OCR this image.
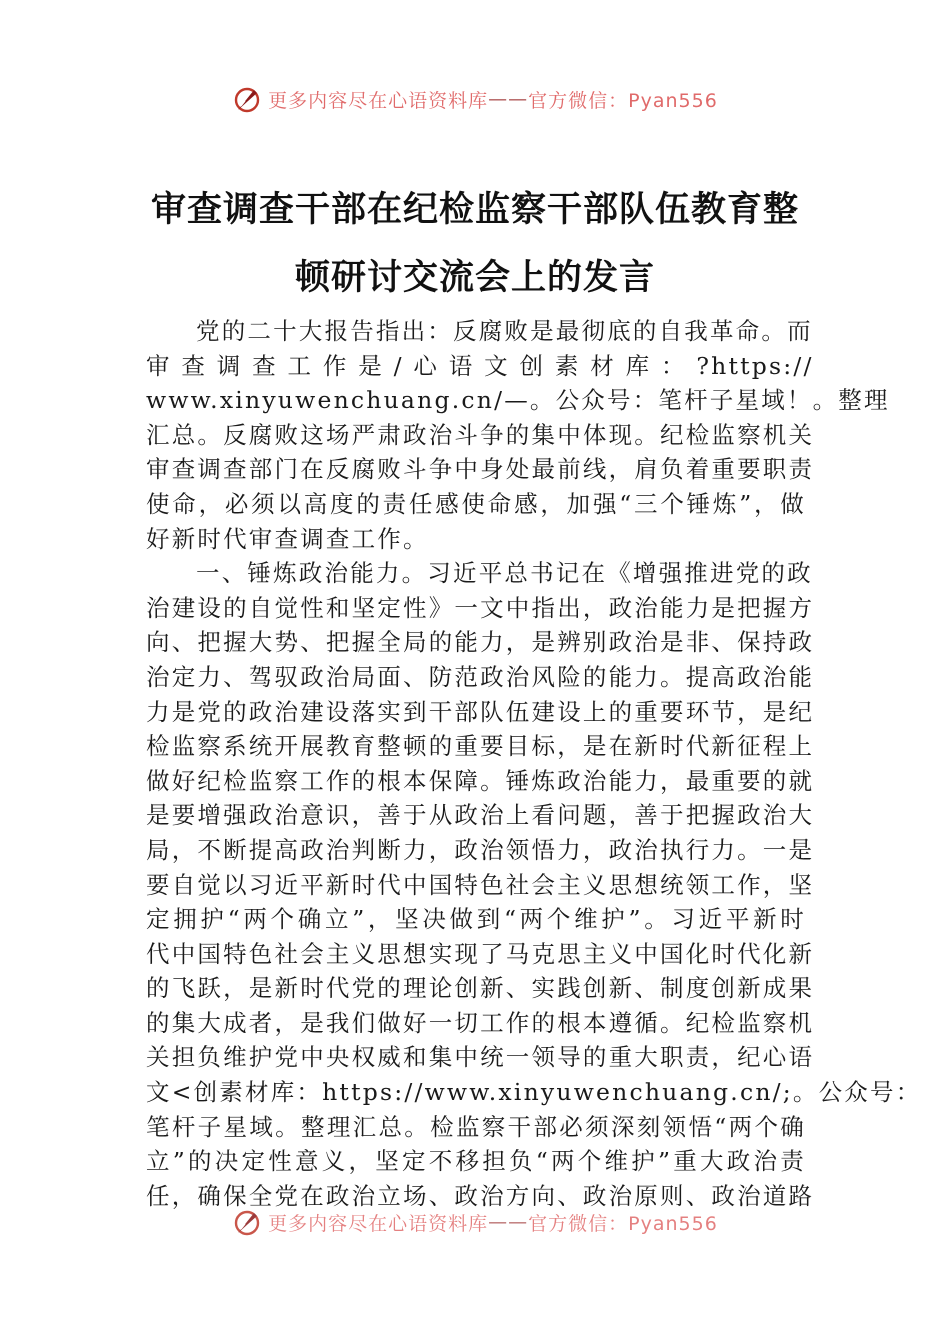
更多内容尽在心语资料库 —— 官方微信：Pyan556
审查调查干部在纪检监察干部队伍教育整
顿研讨交流会上的发言
党的二十大报告指出：反腐败是最彻底的自我革命。而
审 查 调 查 工 作 是 / 心 语 文 创 素 材 库 ： ?https://
www.xinyuwenchuang.cn/—。公众号：笔杆子星域！。整理
汇总。反腐败这场严肃政治斗争的集中体现。纪检监察机关
审查调查部门在反腐败斗争中身处最前线，肩负着重要职责
使命，必须以高度的责任感使命感，加强“三个锤炼”，做
好新时代审查调查工作。
一、锤炼政治能力。习近平总书记在《增强推进党的政
治建设的自觉性和坚定性》一文中指出，政治能力是把握方
向、把握大势、把握全局的能力，是辨别政治是非、保持政
治定力、驾驭政治局面、防范政治风险的能力。提高政治能
力是党的政治建设落实到干部队伍建设上的重要环节，是纪
检监察系统开展教育整顿的重要目标，是在新时代新征程上
做好纪检监察工作的根本保障。锤炼政治能力，最重要的就
是要增强政治意识，善于从政治上看问题，善于把握政治大
局，不断提高政治判断力，政治领悟力，政治执行力。一是
要自觉以习近平新时代中国特色社会主义思想统领工作，坚
定拥护“两个确立”，坚决做到“两个维护”。习近平新时
代中国特色社会主义思想实现了马克思主义中国化时代化新
的飞跃，是新时代党的理论创新、实践创新、制度创新成果
的集大成者，是我们做好一切工作的根本遵循。纪检监察机
关担负维护党中央权威和集中统一领导的重大职责，纪心语
文<创素材库：https://www.xinyuwenchuang.cn/;。公众号：
笔杆子星域。整理汇总。检监察干部必须深刻领悟“两个确
立”的决定性意义，坚定不移担负“两个维护”重大政治责
任，确保全党在政治立场、政治方向、政治原则、政治道路
更多内容尽在心语资料库 —— 官方微信：Pyan556
